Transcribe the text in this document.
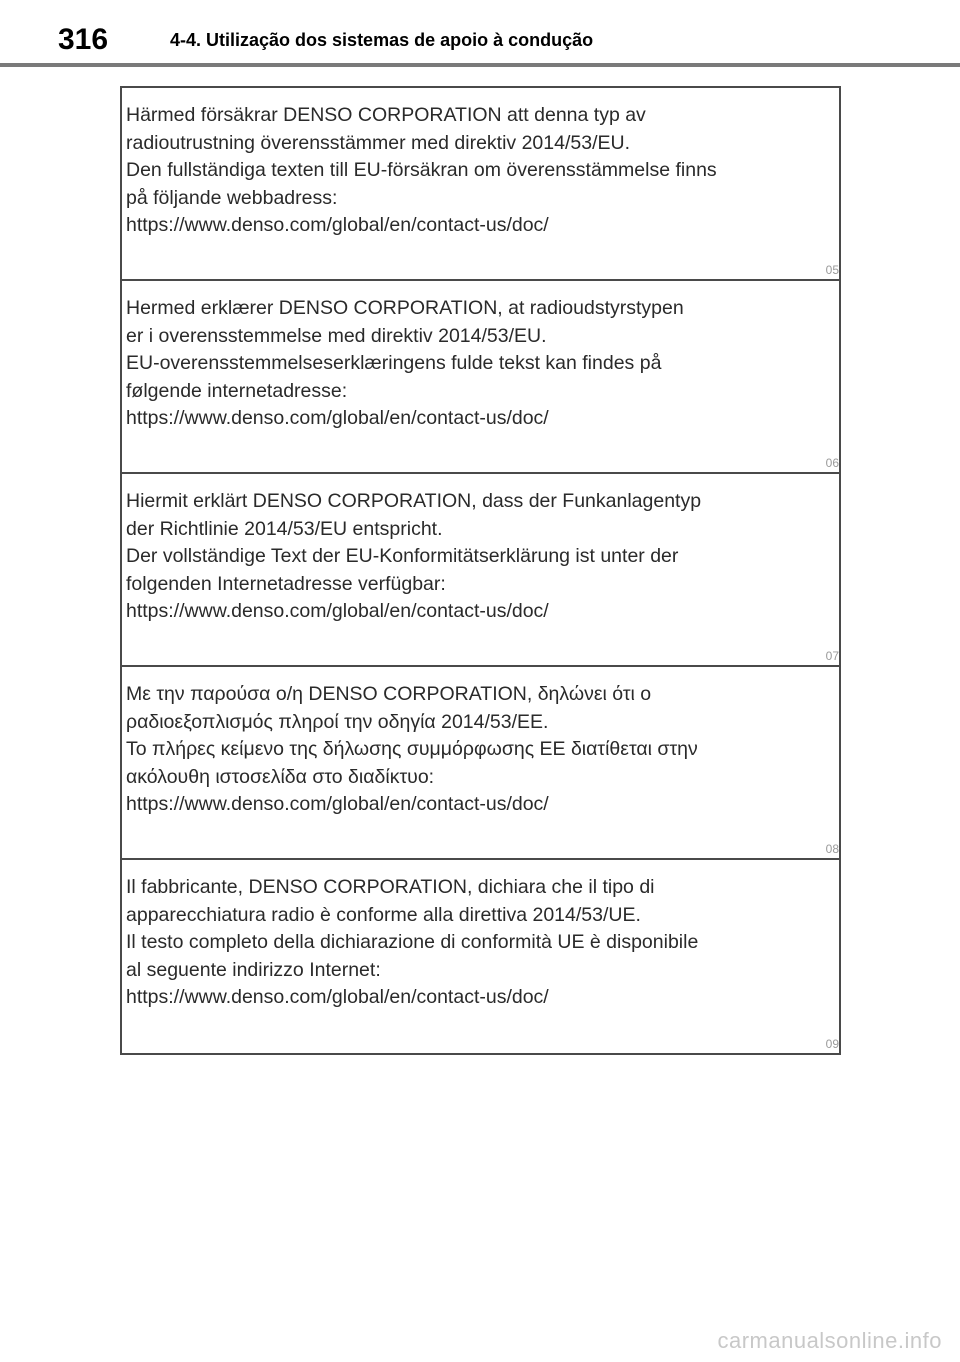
316	4-4. Utilização dos sistemas de apoio à condução
Härmed försäkrar DENSO CORPORATION att denna typ av
radioutrustning överensstämmer med direktiv 2014/53/EU.
Den fullständiga texten till EU-försäkran om överensstämmelse finns
på följande webbadress:
https://www.denso.com/global/en/contact-us/doc/
05
Hermed erklærer DENSO CORPORATION, at radioudstyrstypen
er i overensstemmelse med direktiv 2014/53/EU.
EU-overensstemmelseserklæringens fulde tekst kan findes på
følgende internetadresse:
https://www.denso.com/global/en/contact-us/doc/
06
Hiermit erklärt DENSO CORPORATION, dass der Funkanlagentyp
der Richtlinie 2014/53/EU entspricht.
Der vollständige Text der EU-Konformitätserklärung ist unter der
folgenden Internetadresse verfügbar:
https://www.denso.com/global/en/contact-us/doc/
07
Με την παρούσα ο/η DENSO CORPORATION, δηλώνει ότι ο
ραδιοεξοπλισμός πληροί την οδηγία 2014/53/ΕΕ.
Το πλήρες κείμενο της δήλωσης συμμόρφωσης ΕΕ διατίθεται στην
ακόλουθη ιστοσελίδα στο διαδίκτυο:
https://www.denso.com/global/en/contact-us/doc/
08
Il fabbricante, DENSO CORPORATION, dichiara che il tipo di
apparecchiatura radio è conforme alla direttiva 2014/53/UE.
Il testo completo della dichiarazione di conformità UE è disponibile
al seguente indirizzo Internet:
https://www.denso.com/global/en/contact-us/doc/
09
carmanualsonline.info
